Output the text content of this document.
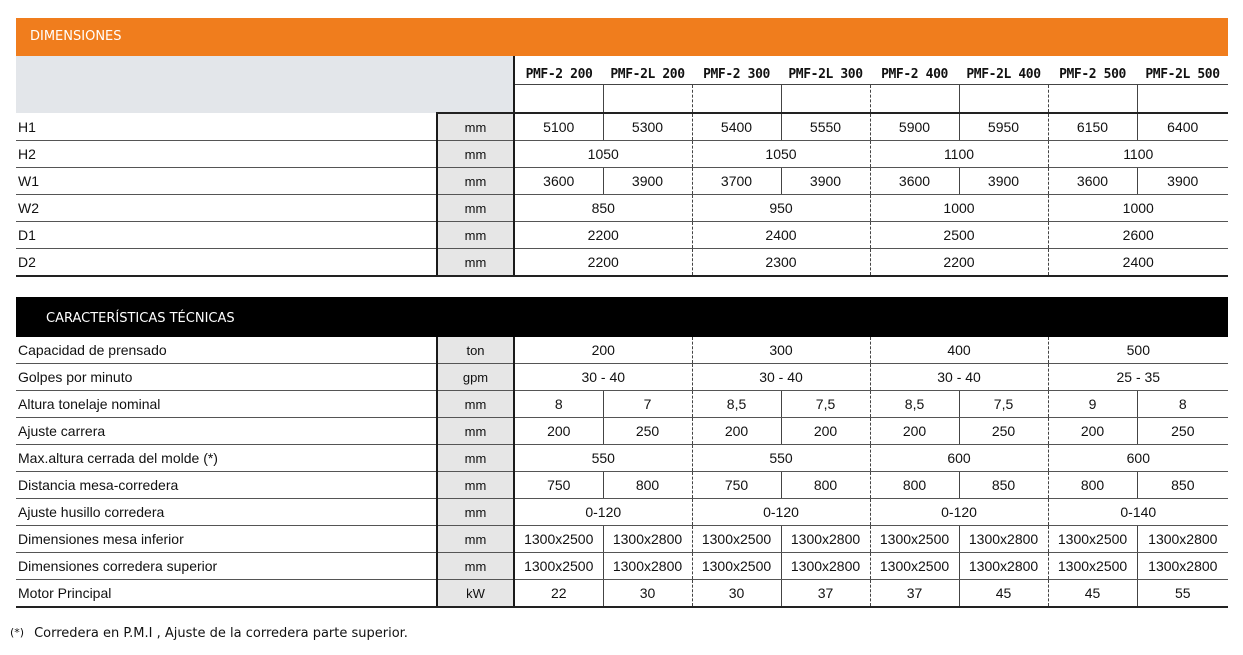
DIMENSIONES
		PMF-2 200	PMF-2L 200	PMF-2 300	PMF-2L 300	PMF-2 400	PMF-2L 400	PMF-2 500	PMF-2L 500

H1	mm	5100	5300	5400	5550	5900	5950	6150	6400
H2	mm	1050		1050		1100		1100	
W1	mm	3600	3900	3700	3900	3600	3900	3600	3900
W2	mm	850		950		1000		1000	
D1	mm	2200		2400		2500		2600	
D2	mm	2200		2300		2200		2400	
CARACTERÍSTICAS TÉCNICAS
Capacidad de prensado	ton	200		300		400		500	
Golpes por minuto	gpm	30 - 40		30 - 40		30 - 40		25 - 35	
Altura tonelaje nominal	mm	8	7	8,5	7,5	8,5	7,5	9	8
Ajuste carrera	mm	200	250	200	200	200	250	200	250
Max.altura cerrada del molde (*)	mm	550		550		600		600	
Distancia mesa-corredera	mm	750	800	750	800	800	850	800	850
Ajuste husillo corredera	mm	0-120		0-120		0-120		0-140	
Dimensiones mesa inferior	mm	1300x2500	1300x2800	1300x2500	1300x2800	1300x2500	1300x2800	1300x2500	1300x2800
Dimensiones corredera superior	mm	1300x2500	1300x2800	1300x2500	1300x2800	1300x2500	1300x2800	1300x2500	1300x2800
Motor Principal	kW	22	30	30	37	37	45	45	55
(*) Corredera en P.M.I , Ajuste de la corredera parte superior.
